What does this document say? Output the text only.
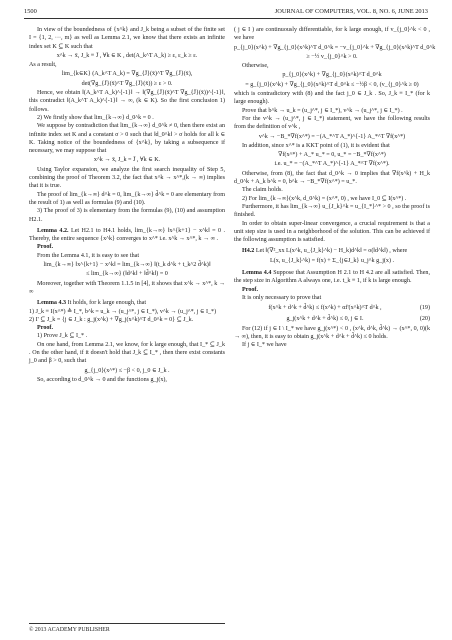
1500	JOURNAL OF COMPUTERS, VOL. 8, NO. 6, JUNE 2013

In view of the boundedness of {x^k} and J_k being a subset of the finite set I = {1, 2, ···, m} as well as Lemma 2.1, we know that there exists an infinite index set K ⊆ K such that

x^k → x̄, J_k ≡ J̄ , ∀k ∈ K , det(A_k^T A_k) ≥ ε, ε_k ≥ ε.

As a result,

lim_{k∈K} (A_k^T A_k) = ∇g_{J̄}(x̄)^T ∇g_{J̄}(x̄),
det(∇g_{J̄}(x̄)^T ∇g_{J̄}(x̄)) ≥ ε > 0.

Hence, we obtain ‖(A_k^T A_k)^{-1}‖ → ‖(∇g_{J̄}(x̄)^T ∇g_{J̄}(x̄))^{-1}‖, this contradict ‖(A_k^T A_k)^{-1}‖ → ∞, (k ∈ K). So the first conclusion 1) follows.

2) We firstly show that lim_{k→∞} d_0^k = 0 .

We suppose by contradiction that lim_{k→∞} d_0^k ≠ 0, then there exist an infinite index set K and a constant σ > 0 such that ‖d_0^k‖ > σ holds for all k ∈ K. Taking notice of the boundedness of {x^k}, by taking a subsequence if necessary, we may suppose that

x^k → x̄, J_k = J̄ , ∀k ∈ K.

Using Taylor expansion, we analyze the first search inequality of Step 5, combining the proof of Theorem 3.2, the fact that x^k → x^*,(k → ∞) implies that it is true.

The proof of lim_{k→∞} d^k = 0, lim_{k→∞} d̃^k = 0 are elementary from the result of 1) as well as formulas (9) and (10).

3) The proof of 3) is elementary from the formulas (9), (10) and assumption H2.1.

Lemma 4.2. Let H2.1 to H4.1 holds, lim_{k→∞} ‖x^{k+1} − x^k‖ = 0 . Thereby, the entire sequence {x^k} converges to x^* i.e. x^k → x^*, k → ∞ .

Proof.

From the Lemma 4.1, it is easy to see that

lim_{k→∞} ‖x^{k+1} − x^k‖ = lim_{k→∞} ‖(t_k d^k + t_k^2 d̃^k)‖
≤ lim_{k→∞} (‖d^k‖ + ‖d̃^k‖) = 0

Moreover, together with Theorem 1.1.5 in [4], it shows that x^k → x^*, k → ∞

Lemma 4.3 It holds, for k large enough, that

1) J_k ≡ I(x^*) ≜ I_*, b^k = u_k → (u_j^*, j ∈ I_*), v^k → (u_j^*, j ∈ I_*)

2) I' ⊆ J_k = {j ∈ J_k : g_j(x^k) + ∇g_j(x^k)^T d_0^k = 0} ⊆ J_k.

Proof.

1) Prove J_k ⊆ I_* .

On one hand, from Lemma 2.1, we know, for k large enough, that I_* ⊆ J_k . On the other hand, if it doesn't hold that J_k ⊆ I_* , then there exist constants j_0 and β > 0, such that

g_{j_0}(x^*) ≤ −β < 0, j_0 ∈ J_k .

So, according to d_0^k → 0 and the functions g_j(x),

( j ∈ I ) are continuously differentiable, for k large enough, if v_{j_0}^k < 0 , we have

p_{j_0}(x^k) + ∇g_{j_0}(x^k)^T d_0^k = −v_{j_0}^k + ∇g_{j_0}(x^k)^T d_0^k
≥ −½ v_{j_0}^k > 0.

Otherwise,

p_{j_0}(x^k) + ∇g_{j_0}(x^k)^T d_0^k
= g_{j_0}(x^k) + ∇g_{j_0}(x^k)^T d_0^k ≤ −½β < 0, (v_{j_0}^k ≥ 0)

which is contradictory with (8) and the fact j_0 ∈ J_k . So, J_k ≡ I_* (for k large enough).

Prove that b^k → u_k = (u_j^*, j ∈ I_*), v^k → (u_j^*, j ∈ I_*) .

For the v^k → (u_j^*, j ∈ I_*) statement, we have the following results from the definition of v^k ,

v^k → −B_*∇f(x^*) = −(A_*^T A_*)^{-1} A_*^T ∇f(x^*)

In addition, since x^* is a KKT point of (1), it is evident that

∇f(x^*) + A_* u_* = 0, u_* = −B_*∇f(x^*)
i.e. u_* = −(A_*^T A_*)^{-1} A_*^T ∇f(x^*).

Otherwise, from (8), the fact that d_0^k → 0 implies that ∇f(x^k) + H_k d_0^k + A_k b^k = 0, b^k → −B_*∇f(x^*) = u_*.

The claim holds.

2) For lim_{k→∞}(x^k, d_0^k) = (x^*, 0) , we have I_0 ⊆ I(x^*) .

Furthermore, it has lim_{k→∞} u_{J_k}^k = u_{I_*}^* > 0 , so the proof is finished.

In order to obtain super-linear convergence, a crucial requirement is that a unit step size is used in a neighborhood of the solution. This can be achieved if the following assumption is satisfied.

H4.2 Let ‖(∇²_xx L(x^k, u_{J_k}^k) − H_k)d^k‖ = o(‖d^k‖) , where

L(x, u_{J_k}^k) = f(x) + Σ_{j∈J_k} u_j^k g_j(x) .

Lemma 4.4 Suppose that Assumption H 2.1 to H 4.2 are all satisfied. Then, the step size in Algorithm A always one, i.e. t_k ≡ 1, if k is large enough.

Proof.

It is only necessary to prove that

f(x^k + d^k + d̃^k) ≤ f(x^k) + αf'(x^k)^T d^k ,	(19)
g_j(x^k + d^k + d̃^k) ≤ 0, j ∈ I.	(20)

For (12) if j ∈ I \ I_* we have g_j(x^*) < 0 , (x^k, d^k, d̃^k) → (x^*, 0, 0)(k → ∞), then, it is easy to obtain g_j(x^k + d^k + d̃^k) ≤ 0 holds.

If j ∈ I_* we have

© 2013 ACADEMY PUBLISHER
